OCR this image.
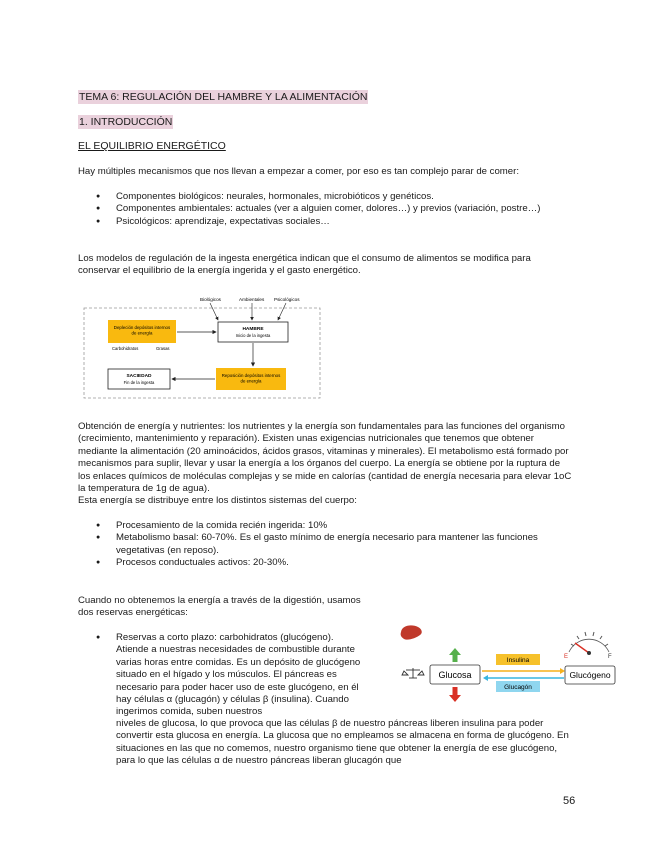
TEMA 6: REGULACIÓN DEL HAMBRE Y LA ALIMENTACIÓN
1. INTRODUCCIÓN
EL EQUILIBRIO ENERGÉTICO

Hay múltiples mecanismos que nos llevan a empezar a comer, por eso es tan complejo parar de comer:

● Componentes biológicos: neurales, hormonales, microbióticos y genéticos.
● Componentes ambientales: actuales (ver a alguien comer, dolores…) y previos (variación, postre…)
● Psicológicos: aprendizaje, expectativas sociales…

Los modelos de regulación de la ingesta energética indican que el consumo de alimentos se modifica para conservar el equilibrio de la energía ingerida y el gasto energético.

Biológicos	Ambientales Psicológicos
Depleción depósitos internos de energía
Carbohidratos	Grasas
HAMBRE
Inicio de la ingesta
SACIEDAD
Fin de la ingesta
Reposición depósitos internos de energía

Obtención de energía y nutrientes: los nutrientes y la energía son fundamentales para las funciones del organismo (crecimiento, mantenimiento y reparación). Existen unas exigencias nutricionales que tenemos que obtener mediante la alimentación (20 aminoácidos, ácidos grasos, vitaminas y minerales). El metabolismo está formado por mecanismos para suplir, llevar y usar la energía a los órganos del cuerpo. La energía se obtiene por la ruptura de los enlaces químicos de moléculas complejas y se mide en calorías (cantidad de energía necesaria para elevar 1oC la temperatura de 1g de agua).

Esta energía se distribuye entre los distintos sistemas del cuerpo:

● Procesamiento de la comida recién ingerida: 10%
● Metabolismo basal: 60-70%. Es el gasto mínimo de energía necesario para mantener las funciones vegetativas (en reposo).
● Procesos conductuales activos: 20-30%.

Cuando no obtenemos la energía a través de la digestión, usamos dos reservas energéticas:

● Reservas a corto plazo: carbohidratos (glucógeno). Atiende a nuestras necesidades de combustible durante varias horas entre comidas. Es un depósito de glucógeno situado en el hígado y los músculos. El páncreas es necesario para poder hacer uso de este glucógeno, en él hay células α (glucagón) y células β (insulina). Cuando ingerimos comida, suben nuestros

niveles de glucosa, lo que provoca que las células β de nuestro páncreas liberen insulina para poder convertir esta glucosa en energía. La glucosa que no empleamos se almacena en forma de glucógeno. En situaciones en las que no comemos, nuestro organismo tiene que obtener la energía de ese glucógeno, para lo que las células α de nuestro páncreas liberan glucagón que

Glucosa
Insulina
Glucagón
Glucógeno
E	F
56
